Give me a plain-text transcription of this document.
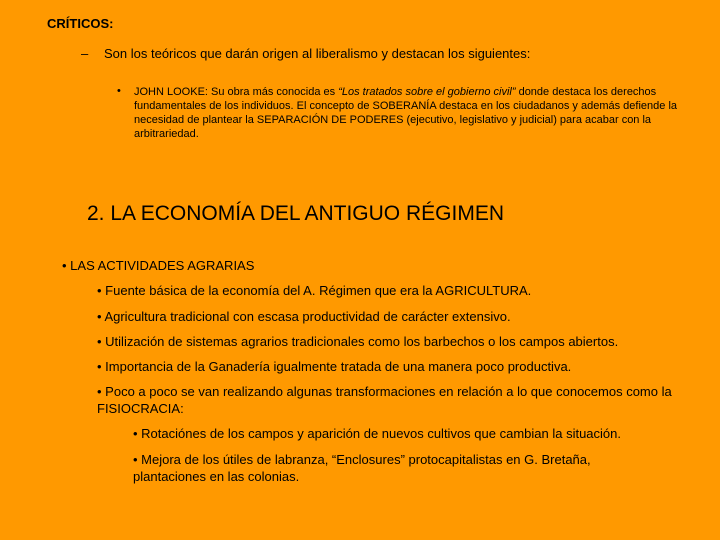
CRÍTICOS:
– Son los teóricos que darán origen al liberalismo y destacan los siguientes:
• JOHN LOOKE: Su obra más conocida es “Los tratados sobre el gobierno civil” donde destaca los derechos fundamentales de los individuos. El concepto de SOBERANÍA destaca en los ciudadanos y además defiende la necesidad de plantear la SEPARACIÓN DE PODERES (ejecutivo, legislativo y judicial) para acabar con la arbitrariedad.
2. LA ECONOMÍA DEL ANTIGUO RÉGIMEN
• LAS ACTIVIDADES AGRARIAS
• Fuente básica de la economía del A. Régimen que era la AGRICULTURA.
• Agricultura tradicional con escasa productividad de carácter extensivo.
• Utilización de sistemas agrarios tradicionales como los barbechos o los campos abiertos.
• Importancia de la Ganadería igualmente tratada de una manera poco productiva.
• Poco a poco se van realizando algunas transformaciones en relación a lo que conocemos como la FISIOCRACIA:
• Rotaciónes de los campos y aparición de nuevos cultivos que cambian la situación.
• Mejora de los útiles de labranza, “Enclosures” protocapitalistas en G. Bretaña, plantaciones en las colonias.
